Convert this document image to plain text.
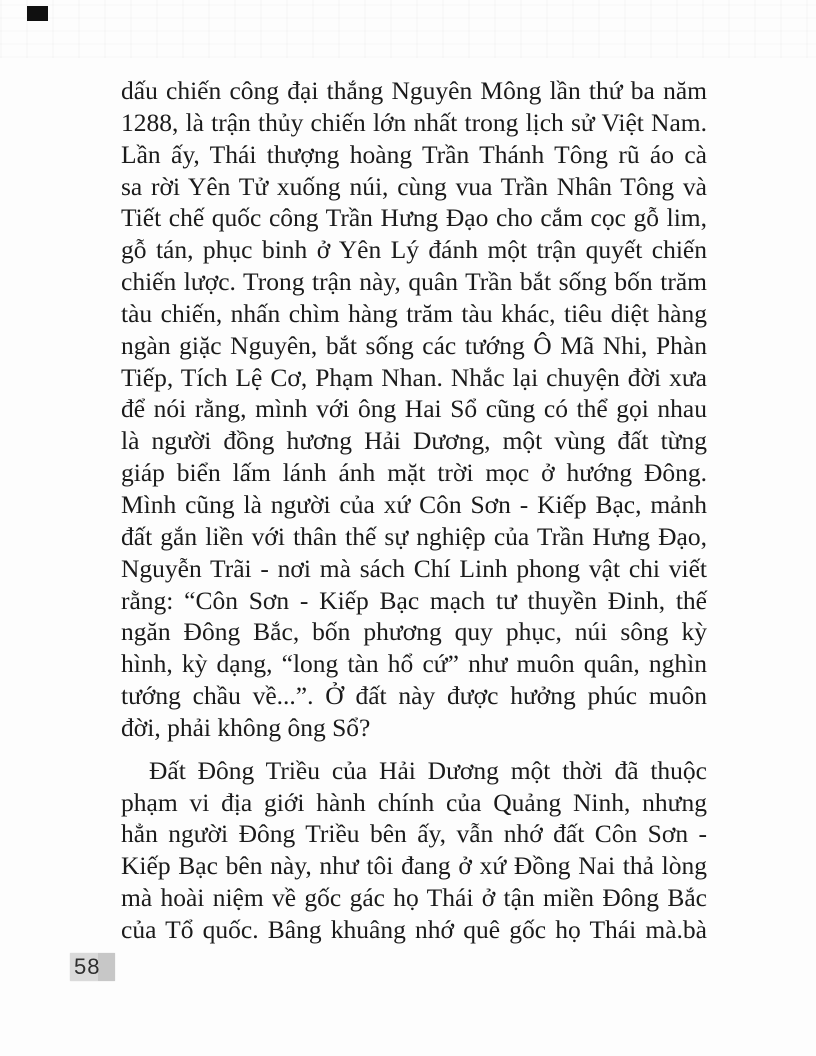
dấu chiến công đại thắng Nguyên Mông lần thứ ba năm
1288, là trận thủy chiến lớn nhất trong lịch sử Việt Nam.
Lần ấy, Thái thượng hoàng Trần Thánh Tông rũ áo cà
sa rời Yên Tử xuống núi, cùng vua Trần Nhân Tông và
Tiết chế quốc công Trần Hưng Đạo cho cắm cọc gỗ lim,
gỗ tán, phục binh ở Yên Lý đánh một trận quyết chiến
chiến lược. Trong trận này, quân Trần bắt sống bốn trăm
tàu chiến, nhấn chìm hàng trăm tàu khác, tiêu diệt hàng
ngàn giặc Nguyên, bắt sống các tướng Ô Mã Nhi, Phàn
Tiếp, Tích Lệ Cơ, Phạm Nhan. Nhắc lại chuyện đời xưa
để nói rằng, mình với ông Hai Sổ cũng có thể gọi nhau
là người đồng hương Hải Dương, một vùng đất từng
giáp biển lấm lánh ánh mặt trời mọc ở hướng Đông.
Mình cũng là người của xứ Côn Sơn - Kiếp Bạc, mảnh
đất gắn liền với thân thế sự nghiệp của Trần Hưng Đạo,
Nguyễn Trãi - nơi mà sách Chí Linh phong vật chi viết
rằng: “Côn Sơn - Kiếp Bạc mạch tư thuyền Đinh, thế
ngăn Đông Bắc, bốn phương quy phục, núi sông kỳ
hình, kỳ dạng, “long tàn hổ cứ” như muôn quân, nghìn
tướng chầu về...”. Ở đất này được hưởng phúc muôn
đời, phải không ông Sổ?
Đất Đông Triều của Hải Dương một thời đã thuộc
phạm vi địa giới hành chính của Quảng Ninh, nhưng
hẳn người Đông Triều bên ấy, vẫn nhớ đất Côn Sơn -
Kiếp Bạc bên này, như tôi đang ở xứ Đồng Nai thả lòng
mà hoài niệm về gốc gác họ Thái ở tận miền Đông Bắc
của Tổ quốc. Bâng khuâng nhớ quê gốc họ Thái mà.bà
58
